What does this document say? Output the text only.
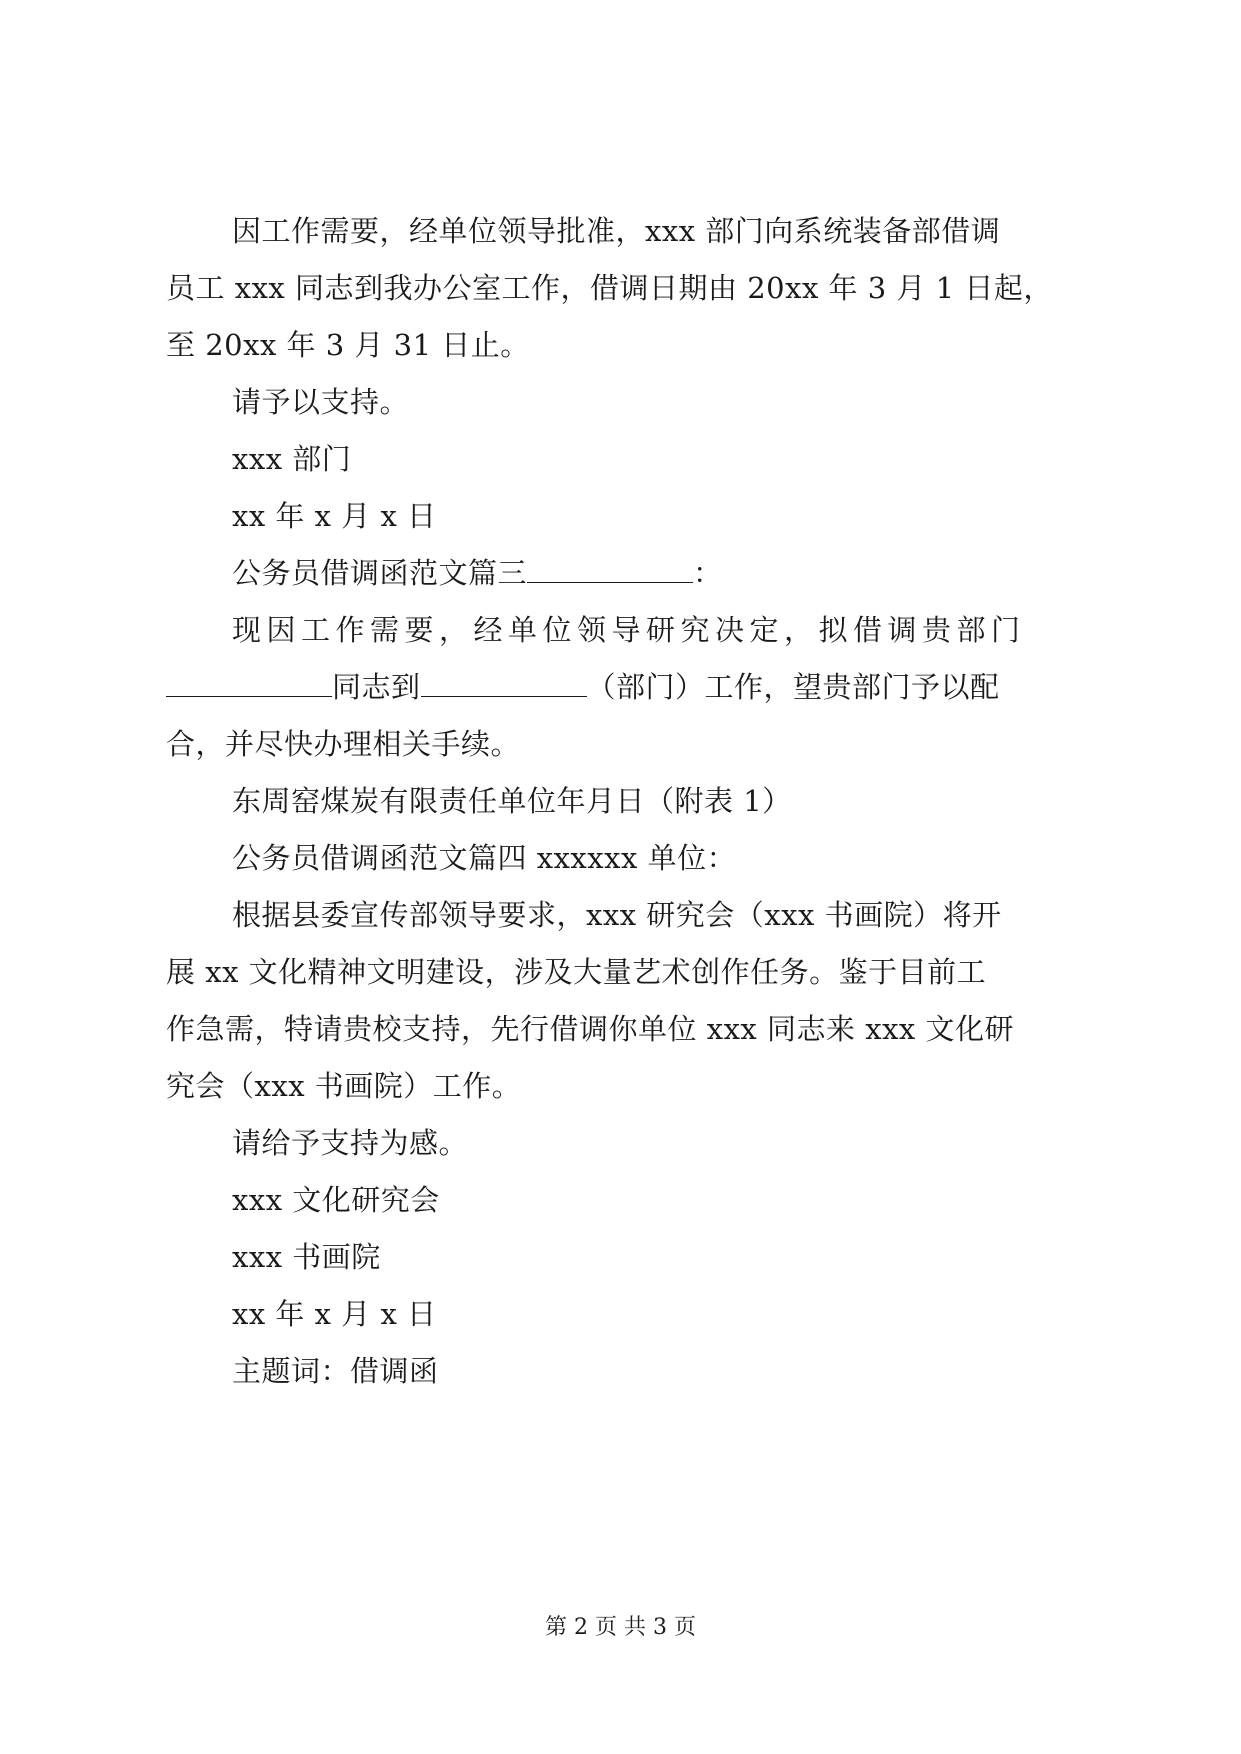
因工作需要，经单位领导批准，xxx 部门向系统装备部借调
员工 xxx 同志到我办公室工作，借调日期由 20xx 年 3 月 1 日起，
至 20xx 年 3 月 31 日止。
请予以支持。
xxx 部门
xx 年 x 月 x 日
公务员借调函范文篇三	：
现因工作需要，经单位领导研究决定，拟借调贵部门
同志到	（部门）工作，望贵部门予以配
合，并尽快办理相关手续。
东周窑煤炭有限责任单位年月日（附表 1）
公务员借调函范文篇四 xxxxxx 单位：
根据县委宣传部领导要求，xxx 研究会（xxx 书画院）将开
展 xx 文化精神文明建设，涉及大量艺术创作任务。鉴于目前工
作急需，特请贵校支持，先行借调你单位 xxx 同志来 xxx 文化研
究会（xxx 书画院）工作。
请给予支持为感。
xxx 文化研究会
xxx 书画院
xx 年 x 月 x 日
主题词：借调函
第 2 页 共 3 页
